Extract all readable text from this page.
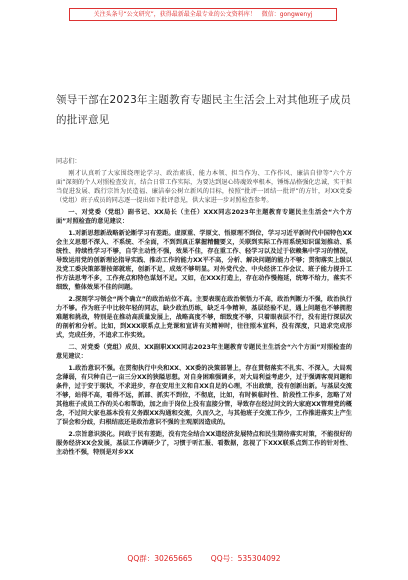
关注头条号“公文研究”，获得最新最全最专业的公文资料库！ 微信：gongwenyj
领导干部在2023年主题教育专题民主生活会上对其他班子成员的批评意见

同志们：

刚才认真听了大家围绕理论学习、政治素质、能力本领、担当作为、工作作风、廉洁自律等“六个方面”深刻的个人对照检查发言，结合日常工作实际，为要达到退心铸魂效率根本，锤炼品格强化忠诚，实干担当促进发展、践行宗旨为民造福、廉洁奉公树立新风的目标，按照“批评一团结一批评”的方针，对XX党委（党组）班子成员的同志逐一提出如下批评意见，供大家进一步对照检查参考。

一、对党委（党组）副书记、XX局长（主任）XXX同志2023年主题教育专题民主生活会“六个方面”对照检查的意见建议：

1.对新思想新战略新论断学习有差距。虚原重、学原文、悟原理不到位，学习习近平新时代中国特色XX会主义思想不深入、不系统、不全面，不到到真正掌握精髓要义，关联到实际工作用系统知识谋划推动、系统性、持续性学习不够，自学主动性不强，效果不佳，存在重工作、轻学习以及过于依赖集中学习的情况，导致运用党的创新理论指导实践、推动工作的能力XX平不高，分析、解决问题的能力不够；贯彻落实上级以及党工委决策部署按部就班，创新不足，成效不够明显。对外党代会、中央经济工作会议、班子能力提升工作方法思考不多，工作亮点和特色谋划不足。又如，在XXX打造上，存在动作慢拖延，统筹不给力，落实不细致，整体效果不佳的问题。

2.深刻学习领会“两个确立”的政治站位不高。主要表现在政治领悟力不高，政治判断力不强，政治执行力不够。作为班子中比较年轻的同志，缺少政治历练，缺乏斗争精神，基层经验不足，遇上问题也不够拥抱难题和挑战，特别是在推动高质量发展上，战略高度不够，细致度不够，只着眼表层不行，没有进行深层次的剖析和分析。比如，到XXX联系点上党课和宣讲有关精神时，往往照本宣科，没有深度，只追求完成形式，完成任务，不追求工作实效。

二、对党委（党组）成员、XX副职XXX同志2023年主题教育专题民主生活会“六个方面”对照检查的意见建议：

1.政治意识不强。在贯彻执行中央和XX、XX委的决策部署上，存在贯彻落实不扎实、不深入，大局观念薄弱，有只种自己一亩三分XX的狭隘思想。对自身困难强调多，对大局利益考虑少，过于强调客观问题和条件，过于安于现状，不求进步，存在安用主义和自XX自足的心理，不出政绩，没有创新出新。与基层交流不够，站得不高，看得不远，抓部、抓实不到位，不彻底，比如，有时候临时性、阶段性工作多，忽略了对其他班子成员工作的关心和帮助，加之由于岗位上没有直接分管，导致存在经过问文的大家庭XX管理党的概念，不过问大家也基本没有义务跟XX沟通和交流，久而久之，与其他班子交流工作少，工作推进落实上产生了误会和分歧，归根结底还是政治意识不强的主观原因造成的。

2.宗旨意识淡化。问政于民有差距，没有完全结合XX道经济发展特点和民生期待落实对策，不能很好的服务经济XX会发展，基层工作调研少了，习惯于听汇报、看数据，忽视了下XXX联系点到工作的针对性、主动性不强，特别是对乡XX

QQ群：30265665 QQ号：535304092
